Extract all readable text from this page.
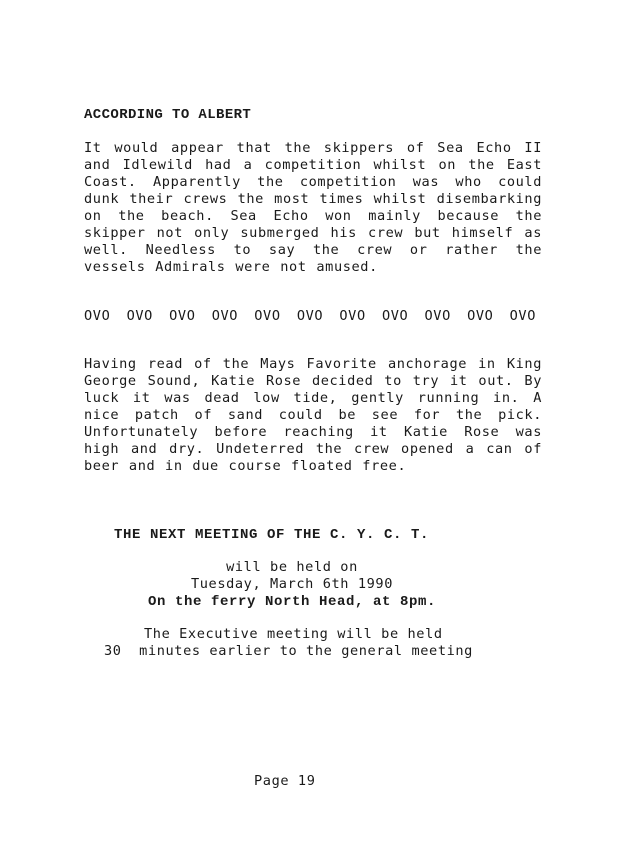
ACCORDING TO ALBERT
It would appear that the skippers of Sea Echo II and Idlewild had a competition whilst on the East Coast. Apparently the competition was who could dunk their crews the most times whilst disembarking on the beach. Sea Echo won mainly because the skipper not only submerged his crew but himself as well. Needless to say the crew or rather the vessels Admirals were not amused.
OVO OVO OVO OVO OVO OVO OVO OVO OVO OVO OVO
Having read of the Mays Favorite anchorage in King George Sound, Katie Rose decided to try it out. By luck it was dead low tide, gently running in. A nice patch of sand could be see for the pick. Unfortunately before reaching it Katie Rose was high and dry. Undeterred the crew opened a can of beer and in due course floated free.
THE NEXT MEETING OF THE C. Y. C. T.
will be held on
Tuesday, March 6th 1990
On the ferry North Head, at 8pm.
The Executive meeting will be held
30 minutes earlier to the general meeting
Page 19
